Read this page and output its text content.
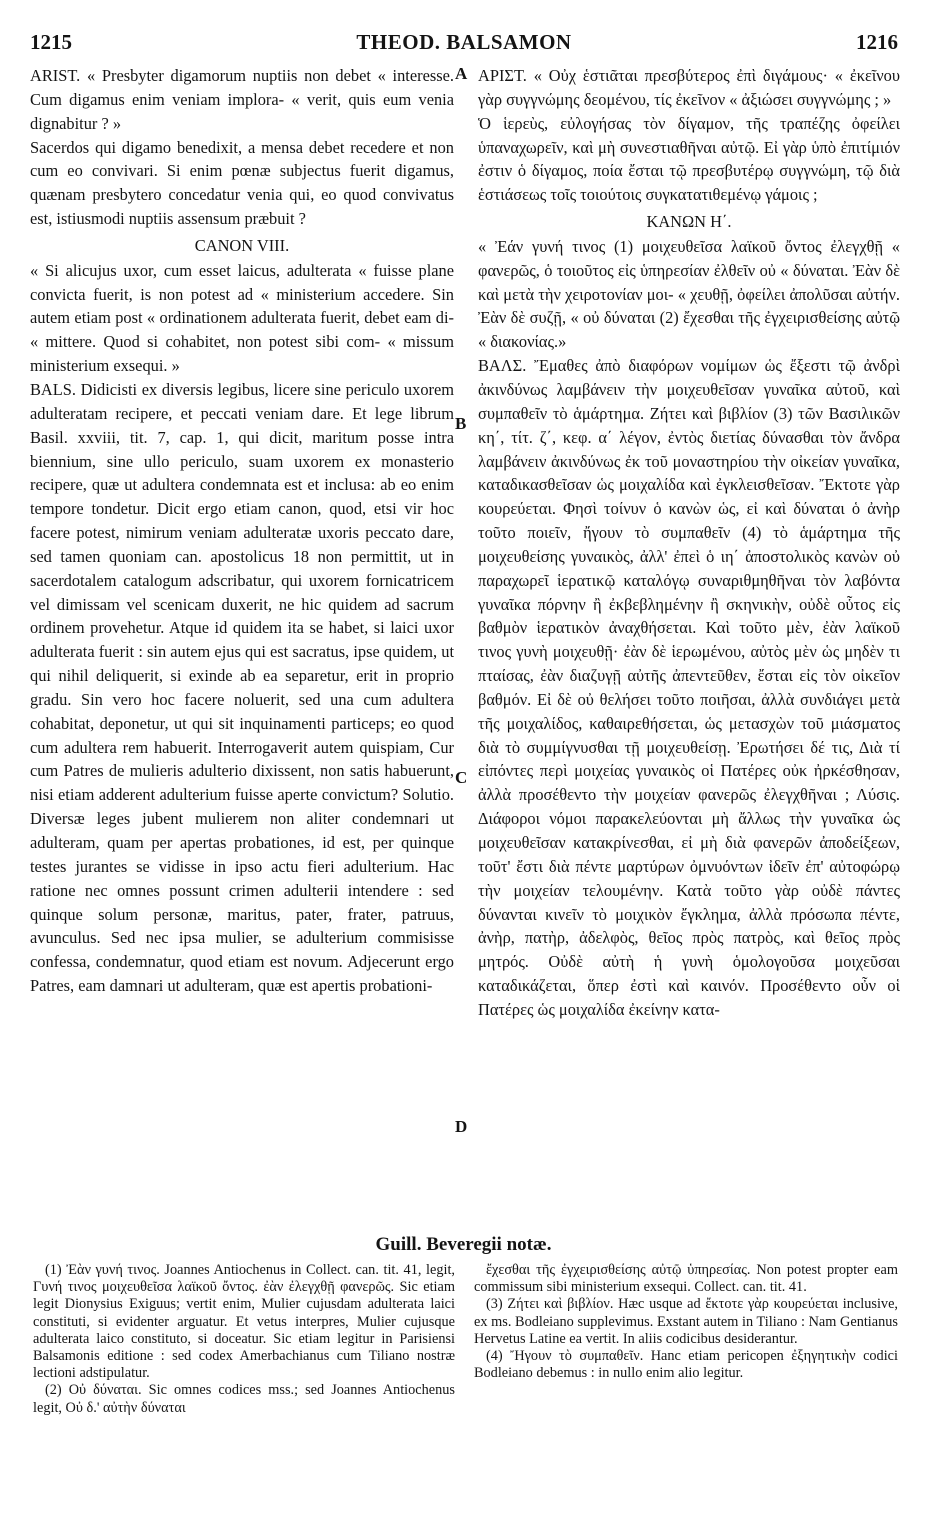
1215	THEOD. BALSAMON	1216

ARIST. « Presbyter digamorum nuptiis non debet « interesse. Cum digamus enim veniam implora- « verit, quis eum venia dignabitur ? »

Sacerdos qui digamo benedixit, a mensa debet recedere et non cum eo convivari. Si enim pœnæ subjectus fuerit digamus, quænam presbytero concedatur venia qui, eo quod convivatus est, istiusmodi nuptiis assensum præbuit ?

CANON VIII.

« Si alicujus uxor, cum esset laicus, adulterata « fuisse plane convicta fuerit, is non potest ad « ministerium accedere. Sin autem etiam post « ordinationem adulterata fuerit, debet eam di- « mittere. Quod si cohabitet, non potest sibi com- « missum ministerium exsequi. »

BALS. Didicisti ex diversis legibus, licere sine periculo uxorem adulteratam recipere, et peccati veniam dare. Et lege librum Basil. xxviii, tit. 7, cap. 1, qui dicit, maritum posse intra biennium, sine ullo periculo, suam uxorem ex monasterio recipere, quæ ut adultera condemnata est et inclusa: ab eo enim tempore tondetur. Dicit ergo etiam canon, quod, etsi vir hoc facere potest, nimirum veniam adulteratæ uxoris peccato dare, sed tamen quoniam can. apostolicus 18 non permittit, ut in sacerdotalem catalogum adscribatur, qui uxorem fornicatricem vel dimissam vel scenicam duxerit, ne hic quidem ad sacrum ordinem provehetur. Atque id quidem ita se habet, si laici uxor adulterata fuerit : sin autem ejus qui est sacratus, ipse quidem, ut qui nihil deliquerit, si exinde ab ea separetur, erit in proprio gradu. Sin vero hoc facere noluerit, sed una cum adultera cohabitat, deponetur, ut qui sit inquinamenti particeps; eo quod cum adultera rem habuerit. Interrogaverit autem quispiam, Cur cum Patres de mulieris adulterio dixissent, non satis habuerunt, nisi etiam adderent adulterium fuisse aperte convictum? Solutio. Diversæ leges jubent mulierem non aliter condemnari ut adulteram, quam per apertas probationes, id est, per quinque testes jurantes se vidisse in ipso actu fieri adulterium. Hac ratione nec omnes possunt crimen adulterii intendere : sed quinque solum personæ, maritus, pater, frater, patruus, avunculus. Sed nec ipsa mulier, se adulterium commisisse confessa, condemnatur, quod etiam est novum. Adjecerunt ergo Patres, eam damnari ut adulteram, quæ est apertis probationi-

ΑΡΙΣΤ. « Οὐχ ἑστιᾶται πρεσβύτερος ἐπὶ διγάμους· « ἐκεῖνου γὰρ συγγνώμης δεομένου, τίς ἐκεῖνον « ἀξιώσει συγγνώμης ; »

Ὁ ἱερεὺς, εὐλογήσας τὸν δίγαμον, τῆς τραπέζης ὀφείλει ὑπαναχωρεῖν, καὶ μὴ συνεστιαθῆναι αὐτῷ. Εἰ γὰρ ὑπὸ ἐπιτίμιόν ἐστιν ὁ δίγαμος, ποία ἔσται τῷ πρεσβυτέρῳ συγγνώμη, τῷ διὰ ἑστιάσεως τοῖς τοιούτοις συγκατατιθεμένῳ γάμοις ;

ΚΑΝΩΝ Η΄.

« Ἐάν γυνή τινος (1) μοιχευθεῖσα λαϊκοῦ ὄντος ἐλεγχθῇ « φανερῶς, ὁ τοιοῦτος εἰς ὑπηρεσίαν ἐλθεῖν οὐ « δύναται. Ἐὰν δὲ καὶ μετὰ τὴν χειροτονίαν μοι- « χευθῇ, ὀφείλει ἀπολῦσαι αὐτήν. Ἐὰν δὲ συζῇ, « οὐ δύναται (2) ἔχεσθαι τῆς ἐγχειρισθείσης αὐτῷ « διακονίας.»

ΒΑΛΣ. Ἔμαθες ἀπὸ διαφόρων νομίμων ὡς ἔξεστι τῷ ἀνδρὶ ἀκινδύνως λαμβάνειν τὴν μοιχευθεῖσαν γυναῖκα αὐτοῦ, καὶ συμπαθεῖν τὸ ἁμάρτημα. Ζήτει καὶ βιβλίον (3) τῶν Βασιλικῶν κη΄, τίτ. ζ΄, κεφ. α΄ λέγον, ἐντὸς διετίας δύνασθαι τὸν ἄνδρα λαμβάνειν ἀκινδύνως ἐκ τοῦ μοναστηρίου τὴν οἰκείαν γυναῖκα, καταδικασθεῖσαν ὡς μοιχαλίδα καὶ ἐγκλεισθεῖσαν. Ἔκτοτε γὰρ κουρεύεται. Φησὶ τοίνυν ὁ κανὼν ὡς, εἰ καὶ δύναται ὁ ἀνὴρ τοῦτο ποιεῖν, ἤγουν τὸ συμπαθεῖν (4) τὸ ἁμάρτημα τῆς μοιχευθείσης γυναικὸς, ἀλλ' ἐπεὶ ὁ ιη΄ ἀποστολικὸς κανὼν οὐ παραχωρεῖ ἱερατικῷ καταλόγῳ συναριθμηθῆναι τὸν λαβόντα γυναῖκα πόρνην ἢ ἐκβεβλημένην ἢ σκηνικὴν, οὐδὲ οὗτος εἰς βαθμὸν ἱερατικὸν ἀναχθήσεται. Καὶ τοῦτο μὲν, ἐὰν λαϊκοῦ τινος γυνὴ μοιχευθῇ· ἐὰν δὲ ἱερωμένου, αὐτὸς μὲν ὡς μηδὲν τι πταίσας, ἐὰν διαζυγῇ αὐτῆς ἀπεντεῦθεν, ἔσται εἰς τὸν οἰκεῖον βαθμόν. Εἰ δὲ οὐ θελήσει τοῦτο ποιῆσαι, ἀλλὰ συνδιάγει μετὰ τῆς μοιχαλίδος, καθαιρεθήσεται, ὡς μετασχὼν τοῦ μιάσματος διὰ τὸ συμμίγνυσθαι τῇ μοιχευθείσῃ. Ἐρωτήσει δέ τις, Διὰ τί εἰπόντες περὶ μοιχείας γυναικὸς οἱ Πατέρες οὐκ ἠρκέσθησαν, ἀλλὰ προσέθεντο τὴν μοιχείαν φανερῶς ἐλεγχθῆναι ; Λύσις. Διάφοροι νόμοι παρακελεύονται μὴ ἄλλως τὴν γυναῖκα ὡς μοιχευθεῖσαν κατακρίνεσθαι, εἰ μὴ διὰ φανερῶν ἀποδείξεων, τοῦτ' ἔστι διὰ πέντε μαρτύρων ὀμνυόντων ἰδεῖν ἐπ' αὐτοφώρῳ τὴν μοιχείαν τελουμένην. Κατὰ τοῦτο γὰρ οὐδὲ πάντες δύνανται κινεῖν τὸ μοιχικὸν ἔγκλημα, ἀλλὰ πρόσωπα πέντε, ἀνὴρ, πατὴρ, ἀδελφὸς, θεῖος πρὸς πατρὸς, καὶ θεῖος πρὸς μητρός. Οὐδὲ αὐτὴ ἡ γυνὴ ὁμολογοῦσα μοιχεῦσαι καταδικάζεται, ὅπερ ἐστὶ καὶ καινόν. Προσέθεντο οὖν οἱ Πατέρες ὡς μοιχαλίδα ἐκείνην κατα-

A
B
C
D
Guill. Beveregii notæ.

(1) Ἐὰν γυνή τινος. Joannes Antiochenus in Collect. can. tit. 41, legit, Γυνή τινος μοιχευθεῖσα λαϊκοῦ ὄντος. ἐὰν ἐλεγχθῇ φανερῶς. Sic etiam legit Dionysius Exiguus; vertit enim, Mulier cujusdam adulterata laici constituti, si evidenter arguatur. Et vetus interpres, Mulier cujusque adulterata laico constituto, si doceatur. Sic etiam legitur in Parisiensi Balsamonis editione : sed codex Amerbachianus cum Tiliano nostræ lectioni adstipulatur.

(2) Οὐ δύναται. Sic omnes codices mss.; sed Joannes Antiochenus legit, Οὐ δ.' αὐτὴν δύναται

ἔχεσθαι τῆς ἐγχειρισθείσης αὐτῷ ὑπηρεσίας. Non potest propter eam commissum sibi ministerium exsequi. Collect. can. tit. 41.

(3) Ζήτει καὶ βιβλίον. Hæc usque ad ἔκτοτε γὰρ κουρεύεται inclusive, ex ms. Bodleiano supplevimus. Exstant autem in Tiliano : Nam Gentianus Hervetus Latine ea vertit. In aliis codicibus desiderantur.

(4) Ἤγουν τὸ συμπαθεῖν. Hanc etiam pericopen ἐξηγητικὴν codici Bodleiano debemus : in nullo enim alio legitur.
